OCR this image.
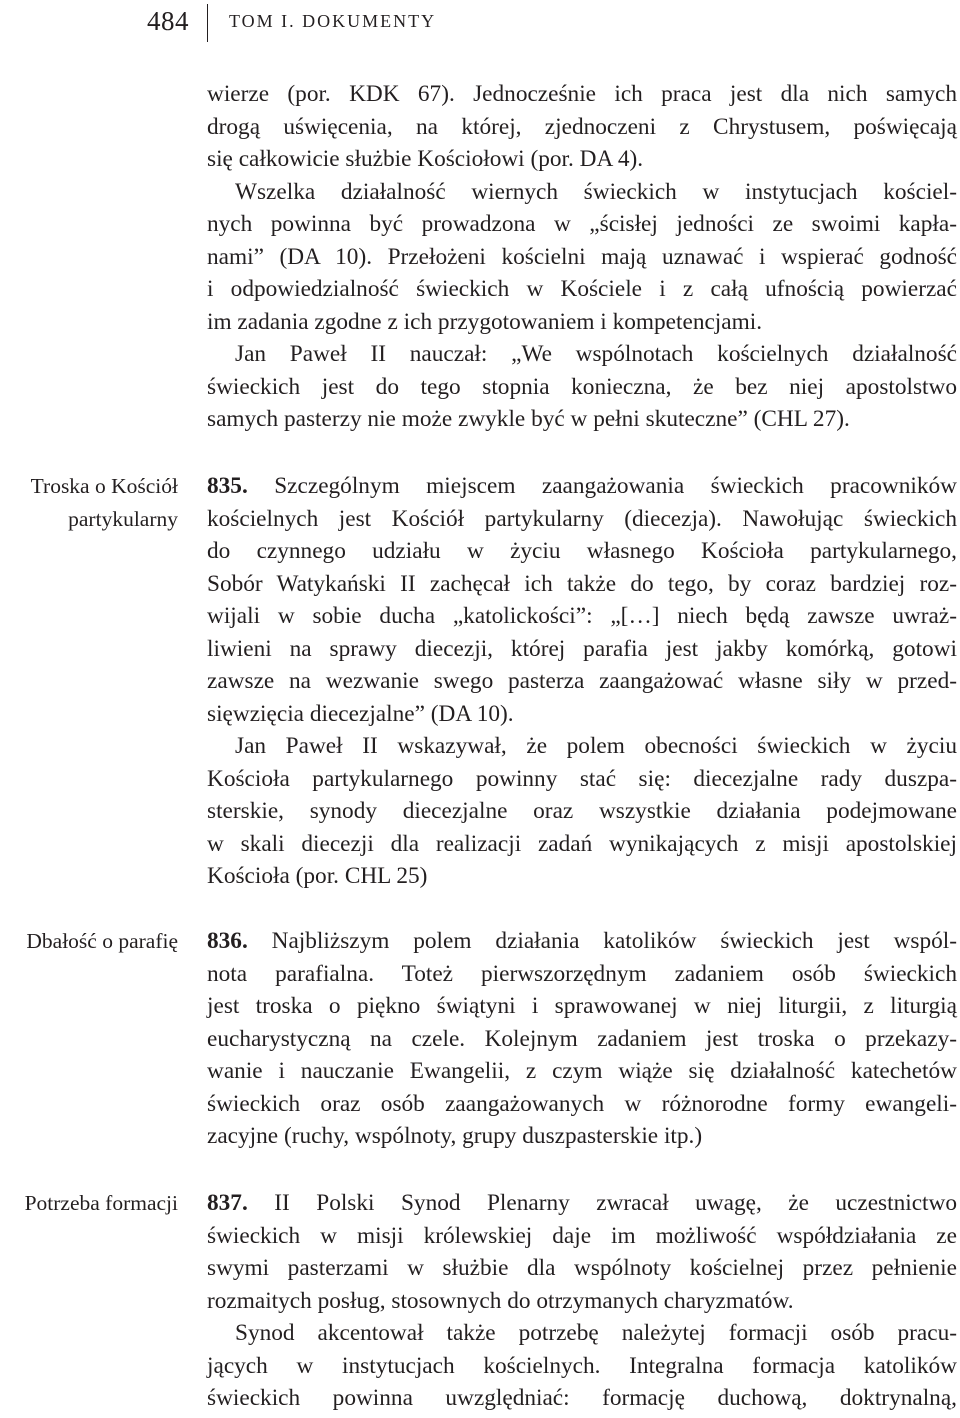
484 TOM I. DOKUMENTY
Troska o Kościół
partykularny
Dbałość o parafię
Potrzeba formacji
wierze (por. KDK 67). Jednocześnie ich praca jest dla nich samych
drogą uświęcenia, na której, zjednoczeni z Chrystusem, poświęcają
się całkowicie służbie Kościołowi (por. DA 4).
Wszelka działalność wiernych świeckich w instytucjach kościel-
nych powinna być prowadzona w „ścisłej jedności ze swoimi kapła-
nami” (DA 10). Przełożeni kościelni mają uznawać i wspierać godność
i odpowiedzialność świeckich w Kościele i z całą ufnością powierzać
im zadania zgodne z ich przygotowaniem i kompetencjami.
Jan Paweł II nauczał: „We wspólnotach kościelnych działalność
świeckich jest do tego stopnia konieczna, że bez niej apostolstwo
samych pasterzy nie może zwykle być w pełni skuteczne” (CHL 27).
835. Szczególnym miejscem zaangażowania świeckich pracowników
kościelnych jest Kościół partykularny (diecezja). Nawołując świeckich
do czynnego udziału w życiu własnego Kościoła partykularnego,
Sobór Watykański II zachęcał ich także do tego, by coraz bardziej roz-
wijali w sobie ducha „katolickości”: „[…] niech będą zawsze uwraż-
liwieni na sprawy diecezji, której parafia jest jakby komórką, gotowi
zawsze na wezwanie swego pasterza zaangażować własne siły w przed-
sięwzięcia diecezjalne” (DA 10).
Jan Paweł II wskazywał, że polem obecności świeckich w życiu
Kościoła partykularnego powinny stać się: diecezjalne rady duszpa-
sterskie, synody diecezjalne oraz wszystkie działania podejmowane
w skali diecezji dla realizacji zadań wynikających z misji apostolskiej
Kościoła (por. CHL 25)
836. Najbliższym polem działania katolików świeckich jest wspól-
nota parafialna. Toteż pierwszorzędnym zadaniem osób świeckich
jest troska o piękno świątyni i sprawowanej w niej liturgii, z liturgią
eucharystyczną na czele. Kolejnym zadaniem jest troska o przekazy-
wanie i nauczanie Ewangelii, z czym wiąże się działalność katechetów
świeckich oraz osób zaangażowanych w różnorodne formy ewangeli-
zacyjne (ruchy, wspólnoty, grupy duszpasterskie itp.)
837. II Polski Synod Plenarny zwracał uwagę, że uczestnictwo
świeckich w misji królewskiej daje im możliwość współdziałania ze
swymi pasterzami w służbie dla wspólnoty kościelnej przez pełnienie
rozmaitych posług, stosownych do otrzymanych charyzmatów.
Synod akcentował także potrzebę należytej formacji osób pracu-
jących w instytucjach kościelnych. Integralna formacja katolików
świeckich powinna uwzględniać: formację duchową, doktrynalną,
